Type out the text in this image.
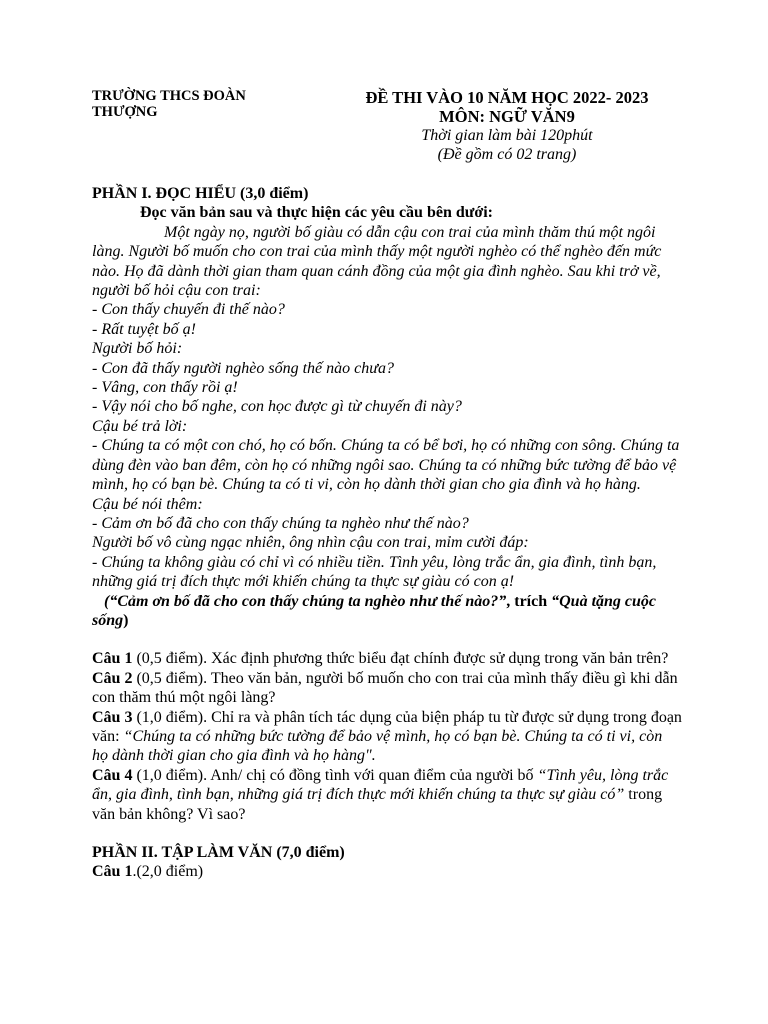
TRƯỜNG THCS ĐOÀN THƯỢNG
ĐỀ THI VÀO 10 NĂM HỌC 2022- 2023
MÔN: NGỮ VĂN9
Thời gian làm bài 120phút
(Đề gồm có 02 trang)

PHẦN I. ĐỌC HIỂU (3,0 điểm)

Đọc văn bản sau và thực hiện các yêu cầu bên dưới:

Một ngày nọ, người bố giàu có dẫn cậu con trai của mình thăm thú một ngôi làng. Người bố muốn cho con trai của mình thấy một người nghèo có thể nghèo đến mức nào. Họ đã dành thời gian tham quan cánh đồng của một gia đình nghèo. Sau khi trở về, người bố hỏi cậu con trai:

- Con thấy chuyến đi thế nào?

- Rất tuyệt bố ạ!

Người bố hỏi:

- Con đã thấy người nghèo sống thế nào chưa?

- Vâng, con thấy rồi ạ!

- Vậy nói cho bố nghe, con học được gì từ chuyến đi này?

Cậu bé trả lời:

- Chúng ta có một con chó, họ có bốn. Chúng ta có bể bơi, họ có những con sông. Chúng ta dùng đèn vào ban đêm, còn họ có những ngôi sao. Chúng ta có những bức tường để bảo vệ mình, họ có bạn bè. Chúng ta có ti vi, còn họ dành thời gian cho gia đình và họ hàng.

Cậu bé nói thêm:

- Cảm ơn bố đã cho con thấy chúng ta nghèo như thế nào?

Người bố vô cùng ngạc nhiên, ông nhìn cậu con trai, mỉm cười đáp:

- Chúng ta không giàu có chỉ vì có nhiều tiền. Tình yêu, lòng trắc ẩn, gia đình, tình bạn, những giá trị đích thực mới khiến chúng ta thực sự giàu có con ạ!

(“Cảm ơn bố đã cho con thấy chúng ta nghèo như thế nào?”, trích “Quà tặng cuộc sống)

Câu 1 (0,5 điểm). Xác định phương thức biểu đạt chính được sử dụng trong văn bản trên?

Câu 2 (0,5 điểm). Theo văn bản, người bố muốn cho con trai của mình thấy điều gì khi dẫn con thăm thú một ngôi làng?

Câu 3 (1,0 điểm). Chỉ ra và phân tích tác dụng của biện pháp tu từ được sử dụng trong đoạn văn: “Chúng ta có những bức tường để bảo vệ mình, họ có bạn bè. Chúng ta có ti vi, còn họ dành thời gian cho gia đình và họ hàng".

Câu 4 (1,0 điểm). Anh/ chị có đồng tình với quan điểm của người bố “Tình yêu, lòng trắc ẩn, gia đình, tình bạn, những giá trị đích thực mới khiến chúng ta thực sự giàu có” trong văn bản không? Vì sao?

PHẦN II. TẬP LÀM VĂN (7,0 điểm)

Câu 1.(2,0 điểm)
